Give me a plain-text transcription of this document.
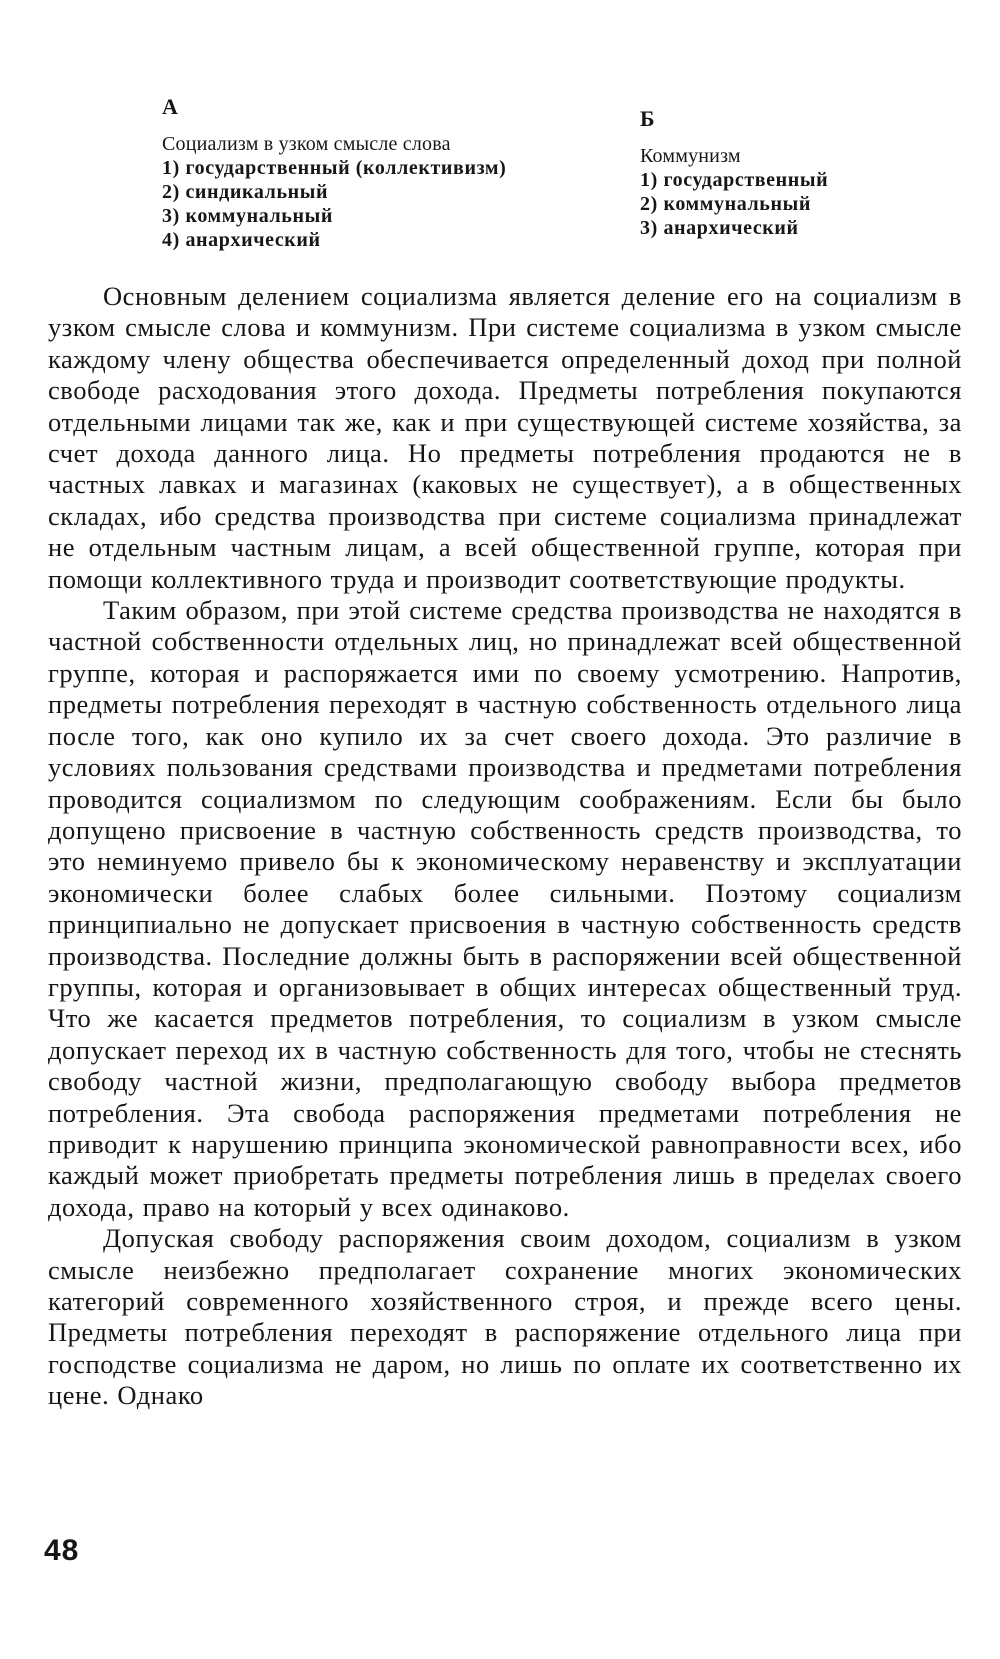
А
Социализм в узком смысле слова
1) государственный (коллективизм)
2) синдикальный
3) коммунальный
4) анархический
Б
Коммунизм
1) государственный
2) коммунальный
3) анархический

Основным делением социализма является деление его на социализм в узком смысле слова и коммунизм. При системе социализма в узком смысле каждому члену общества обеспечивается определенный доход при полной свободе расходования этого дохода. Предметы потребления покупаются отдельными лицами так же, как и при существующей системе хозяйства, за счет дохода данного лица. Но предметы потребления продаются не в частных лавках и магазинах (каковых не существует), а в общественных складах, ибо средства производства при системе социализма принадлежат не отдельным частным лицам, а всей общественной группе, которая при помощи коллективного труда и производит соответствующие продукты.

Таким образом, при этой системе средства производства не находятся в частной собственности отдельных лиц, но принадлежат всей общественной группе, которая и распоряжается ими по своему усмотрению. Напротив, предметы потребления переходят в частную собственность отдельного лица после того, как оно купило их за счет своего дохода. Это различие в условиях пользования средствами производства и предметами потребления проводится социализмом по следующим соображениям. Если бы было допущено присвоение в частную собственность средств производства, то это неминуемо привело бы к экономическому неравенству и эксплуатации экономически более слабых более сильными. Поэтому социализм принципиально не допускает присвоения в частную собственность средств производства. Последние должны быть в распоряжении всей общественной группы, которая и организовывает в общих интересах общественный труд. Что же касается предметов потребления, то социализм в узком смысле допускает переход их в частную собственность для того, чтобы не стеснять свободу частной жизни, предполагающую свободу выбора предметов потребления. Эта свобода распоряжения предметами потребления не приводит к нарушению принципа экономической равноправности всех, ибо каждый может приобретать предметы потребления лишь в пределах своего дохода, право на который у всех одинаково.

Допуская свободу распоряжения своим доходом, социализм в узком смысле неизбежно предполагает сохранение многих экономических категорий современного хозяйственного строя, и прежде всего цены. Предметы потребления переходят в распоряжение отдельного лица при господстве социализма не даром, но лишь по оплате их соответственно их цене. Однако

48
